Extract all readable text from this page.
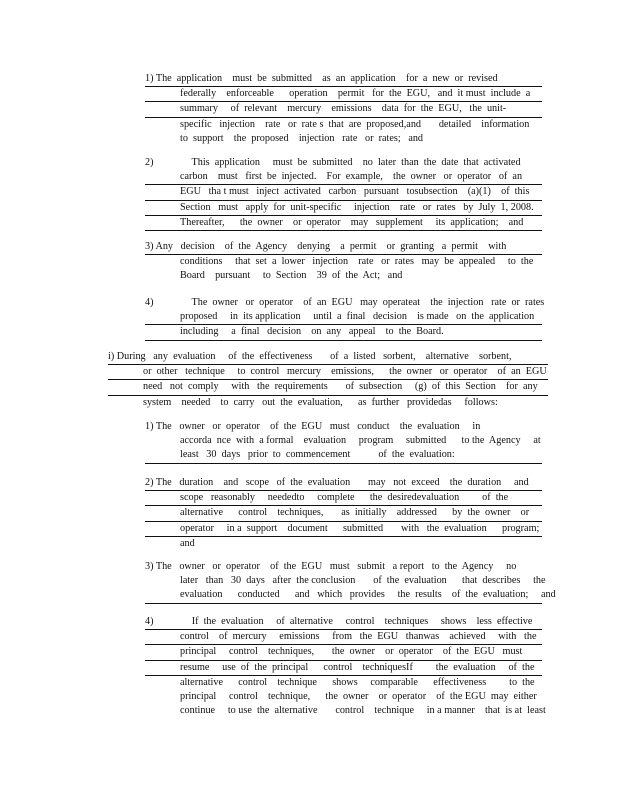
1) The  application    must  be  submitted    as  an  application    for  a  new  or  revised
federally    enforceable      operation    permit   for  the  EGU,   and  it must  include  a
summary     of  relevant    mercury    emissions    data  for  the  EGU,   the  unit-
specific   injection    rate   or  rate s  that  are  proposed,and       detailed    information
to  support    the  proposed    injection   rate   or  rates;   and
2)               This  application     must  be  submitted    no  later  than  the  date  that  activated
carbon    must   first  be  injected.    For  example,    the  owner   or  operator   of  an
EGU   tha t must   inject  activated   carbon   pursuant   tosubsection    (a)(1)    of  this
Section   must   apply  for  unit-specific     injection    rate   or  rates   by  July  1, 2008.
Thereafter,      the  owner    or  operator    may   supplement     its  application;    and
3) Any   decision    of  the  Agency    denying    a  permit    or  granting   a  permit    with
conditions     that  set  a  lower   injection    rate   or  rates   may  be  appealed     to  the
Board    pursuant     to  Section    39  of  the  Act;   and
4)               The  owner   or  operator    of  an  EGU   may  operateat    the  injection   rate  or  rates
proposed     in  its application     until  a  final   decision    is made   on  the  application
including     a  final   decision    on  any   appeal    to  the  Board.
i) During   any  evaluation     of  the  effectiveness       of  a  listed   sorbent,    alternative    sorbent,
or  other   technique     to  control   mercury    emissions,      the  owner   or  operator    of  an  EGU
need   not  comply     with   the  requirements       of  subsection     (g)  of  this  Section    for  any
system    needed    to  carry   out  the  evaluation,      as  further   providedas     follows:
1) The   owner   or  operator    of  the  EGU   must   conduct    the  evaluation     in
accorda  nce  with  a formal    evaluation     program     submitted      to the  Agency     at
least   30  days   prior  to  commencement           of  the  evaluation:
2) The   duration    and   scope   of  the  evaluation       may   not  exceed    the  duration     and
scope   reasonably     neededto     complete      the  desiredevaluation         of  the
alternative      control    techniques,       as  initially    addressed      by  the  owner    or
operator     in a  support    document      submitted       with   the  evaluation      program;
and
3) The   owner   or  operator    of  the  EGU   must   submit   a report   to  the  Agency     no
later   than   30  days   after  the conclusion       of  the  evaluation      that  describes     the
evaluation      conducted      and   which   provides     the  results    of  the  evaluation;     and
4)               If  the  evaluation     of  alternative     control    techniques     shows    less  effective
control    of  mercury     emissions     from   the  EGU   thanwas    achieved     with   the
principal     control    techniques,       the  owner    or  operator    of  the  EGU   must
resume     use  of  the  principal      control    techniquesIf         the  evaluation     of  the
alternative      control    technique      shows     comparable      effectiveness         to  the
principal     control    technique,      the  owner    or  operator    of  the EGU  may  either
continue     to use  the  alternative       control    technique     in a manner    that  is at  least
